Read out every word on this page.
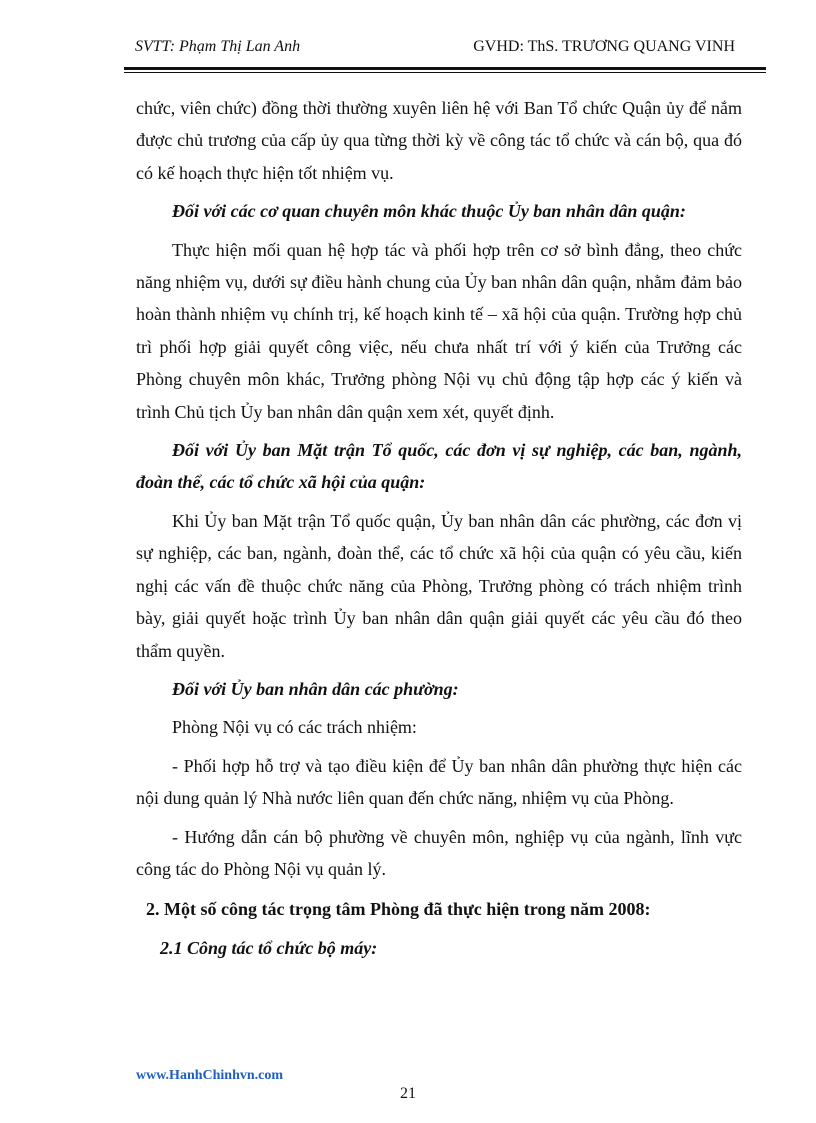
SVTT: Phạm Thị Lan Anh	GVHD: ThS. TRƯƠNG QUANG VINH

chức, viên chức) đồng thời thường xuyên liên hệ với Ban Tổ chức Quận ủy để nắm được chủ trương của cấp ủy qua từng thời kỳ về công tác tổ chức và cán bộ, qua đó có kế hoạch thực hiện tốt nhiệm vụ.

Đối với các cơ quan chuyên môn khác thuộc Ủy ban nhân dân quận:

Thực hiện mối quan hệ hợp tác và phối hợp trên cơ sở bình đẳng, theo chức năng nhiệm vụ, dưới sự điều hành chung của Ủy ban nhân dân quận, nhằm đảm bảo hoàn thành nhiệm vụ chính trị, kế hoạch kinh tế – xã hội của quận. Trường hợp chủ trì phối hợp giải quyết công việc, nếu chưa nhất trí với ý kiến của Trưởng các Phòng chuyên môn khác, Trưởng phòng Nội vụ chủ động tập hợp các ý kiến và trình Chủ tịch Ủy ban nhân dân quận xem xét, quyết định.

Đối với Ủy ban Mặt trận Tổ quốc, các đơn vị sự nghiệp, các ban, ngành, đoàn thể, các tổ chức xã hội của quận:

Khi Ủy ban Mặt trận Tổ quốc quận, Ủy ban nhân dân các phường, các đơn vị sự nghiệp, các ban, ngành, đoàn thể, các tổ chức xã hội của quận có yêu cầu, kiến nghị các vấn đề thuộc chức năng của Phòng, Trưởng phòng có trách nhiệm trình bày, giải quyết hoặc trình Ủy ban nhân dân quận giải quyết các yêu cầu đó theo thẩm quyền.

Đối với Ủy ban nhân dân các phường:

Phòng Nội vụ có các trách nhiệm:

- Phối hợp hỗ trợ và tạo điều kiện để Ủy ban nhân dân phường thực hiện các nội dung quản lý Nhà nước liên quan đến chức năng, nhiệm vụ của Phòng.

- Hướng dẫn cán bộ phường về chuyên môn, nghiệp vụ của ngành, lĩnh vực công tác do Phòng Nội vụ quản lý.

2. Một số công tác trọng tâm Phòng đã thực hiện trong năm 2008:

2.1 Công tác tổ chức bộ máy:

www.HanhChinhvn.com
21
